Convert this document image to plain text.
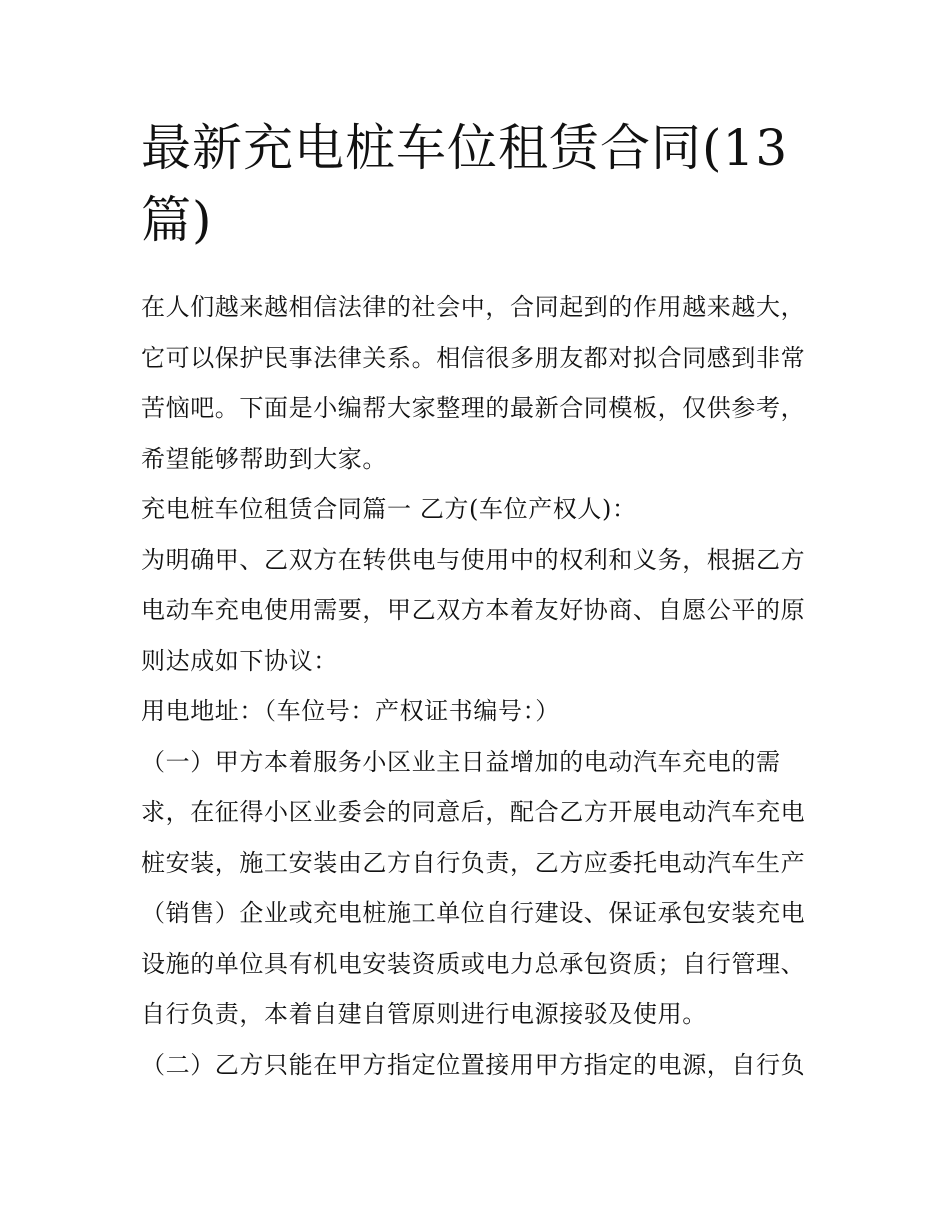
最新充电桩车位租赁合同(13篇)

在人们越来越相信法律的社会中，合同起到的作用越来越大，它可以保护民事法律关系。相信很多朋友都对拟合同感到非常苦恼吧。下面是小编帮大家整理的最新合同模板，仅供参考，希望能够帮助到大家。

充电桩车位租赁合同篇一 乙方(车位产权人)：

为明确甲、乙双方在转供电与使用中的权利和义务，根据乙方电动车充电使用需要，甲乙双方本着友好协商、自愿公平的原则达成如下协议：

用电地址：（车位号：产权证书编号：）

（一）甲方本着服务小区业主日益增加的电动汽车充电的需求，在征得小区业委会的同意后，配合乙方开展电动汽车充电桩安装，施工安装由乙方自行负责，乙方应委托电动汽车生产（销售）企业或充电桩施工单位自行建设、保证承包安装充电设施的单位具有机电安装资质或电力总承包资质；自行管理、自行负责，本着自建自管原则进行电源接驳及使用。

（二）乙方只能在甲方指定位置接用甲方指定的电源，自行负
